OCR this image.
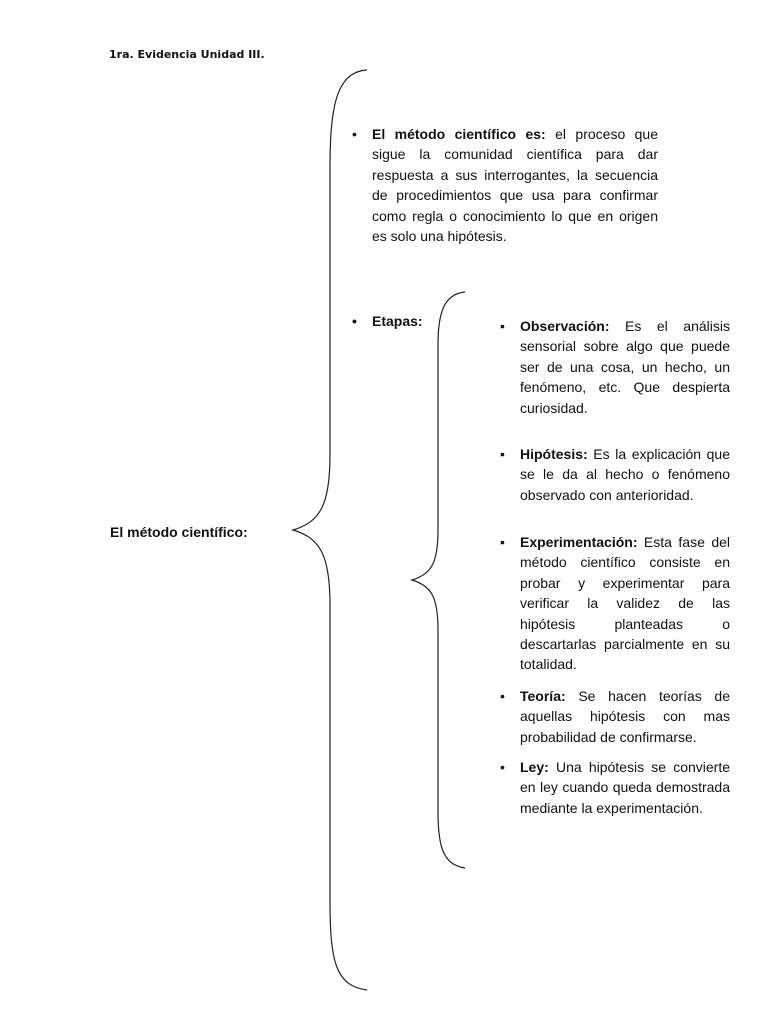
1ra. Evidencia Unidad III.
El método científico:
• El método científico es: el proceso que sigue la comunidad científica para dar respuesta a sus interrogantes, la secuencia de procedimientos que usa para confirmar como regla o conocimiento lo que en origen es solo una hipótesis.
• Etapas:	• Observación: Es el análisis sensorial sobre algo que puede ser de una cosa, un hecho, un fenómeno, etc. Que despierta curiosidad.
• Hipótesis: Es la explicación que se le da al hecho o fenómeno observado con anterioridad.
• Experimentación: Esta fase del método científico consiste en probar y experimentar para verificar la validez de las hipótesis planteadas o descartarlas parcialmente en su totalidad.
• Teoría: Se hacen teorías de aquellas hipótesis con mas probabilidad de confirmarse.
• Ley: Una hipótesis se convierte en ley cuando queda demostrada mediante la experimentación.
